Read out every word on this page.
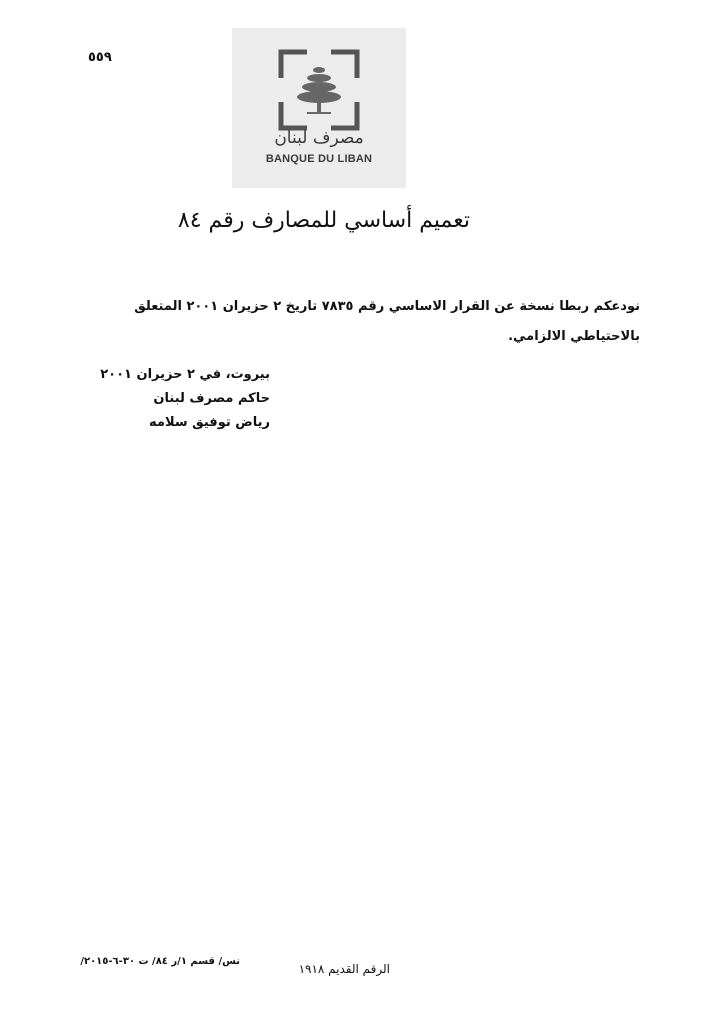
٥٥٩
مصرف لبنان
BANQUE DU LIBAN
تعميم أساسي للمصارف رقم ٨٤
نودعكم ربطا نسخة عن القرار الاساسي رقم ٧٨٣٥ تاريخ ٢ حزيران ٢٠٠١ المتعلق
بالاحتياطي الالزامي.
بيروت، في ٢ حزيران ٢٠٠١
حاكم مصرف لبنان
رياض توفيق سلامه
نس/ قسم ١/ر ٨٤/ ت ٣٠-٦-٢٠١٥/
الرقم القديم ١٩١٨
